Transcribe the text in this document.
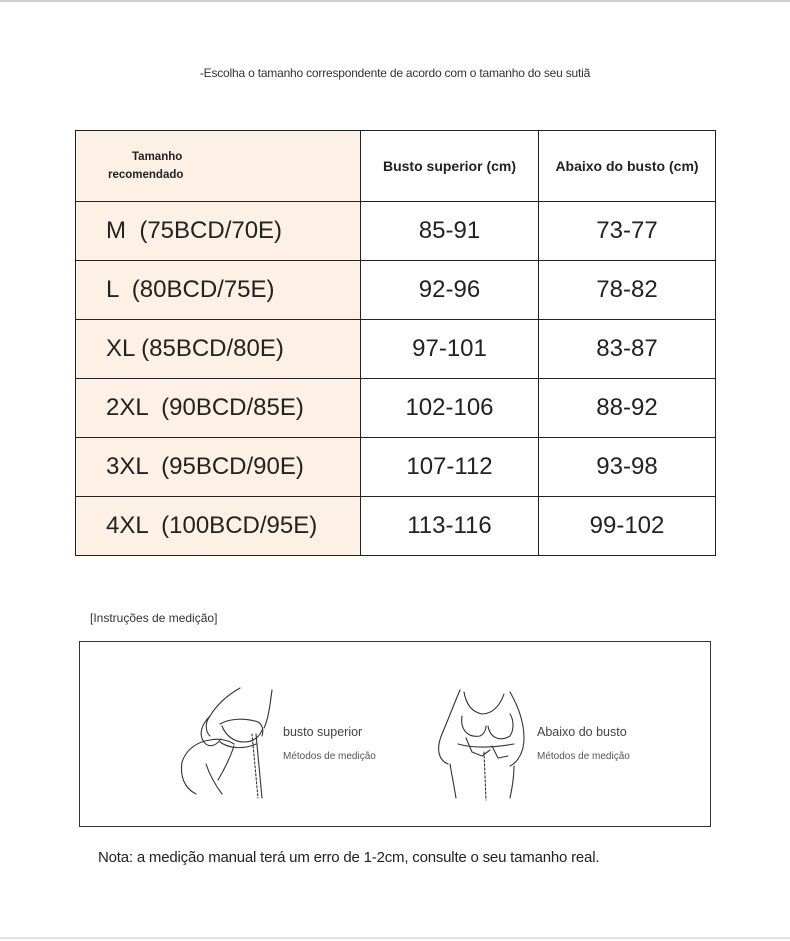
-Escolha o tamanho correspondente de acordo com o tamanho do seu sutiã
Tamanho
recomendado	Busto superior (cm)	Abaixo do busto (cm)
M  (75BCD/70E)	85-91	73-77
L  (80BCD/75E)	92-96	78-82
XL (85BCD/80E)	97-101	83-87
2XL  (90BCD/85E)	102-106	88-92
3XL  (95BCD/90E)	107-112	93-98
4XL  (100BCD/95E)	113-116	99-102
[Instruções de medição]
busto superior
Métodos de medição
Abaixo do busto
Métodos de medição
Nota: a medição manual terá um erro de 1-2cm, consulte o seu tamanho real.
